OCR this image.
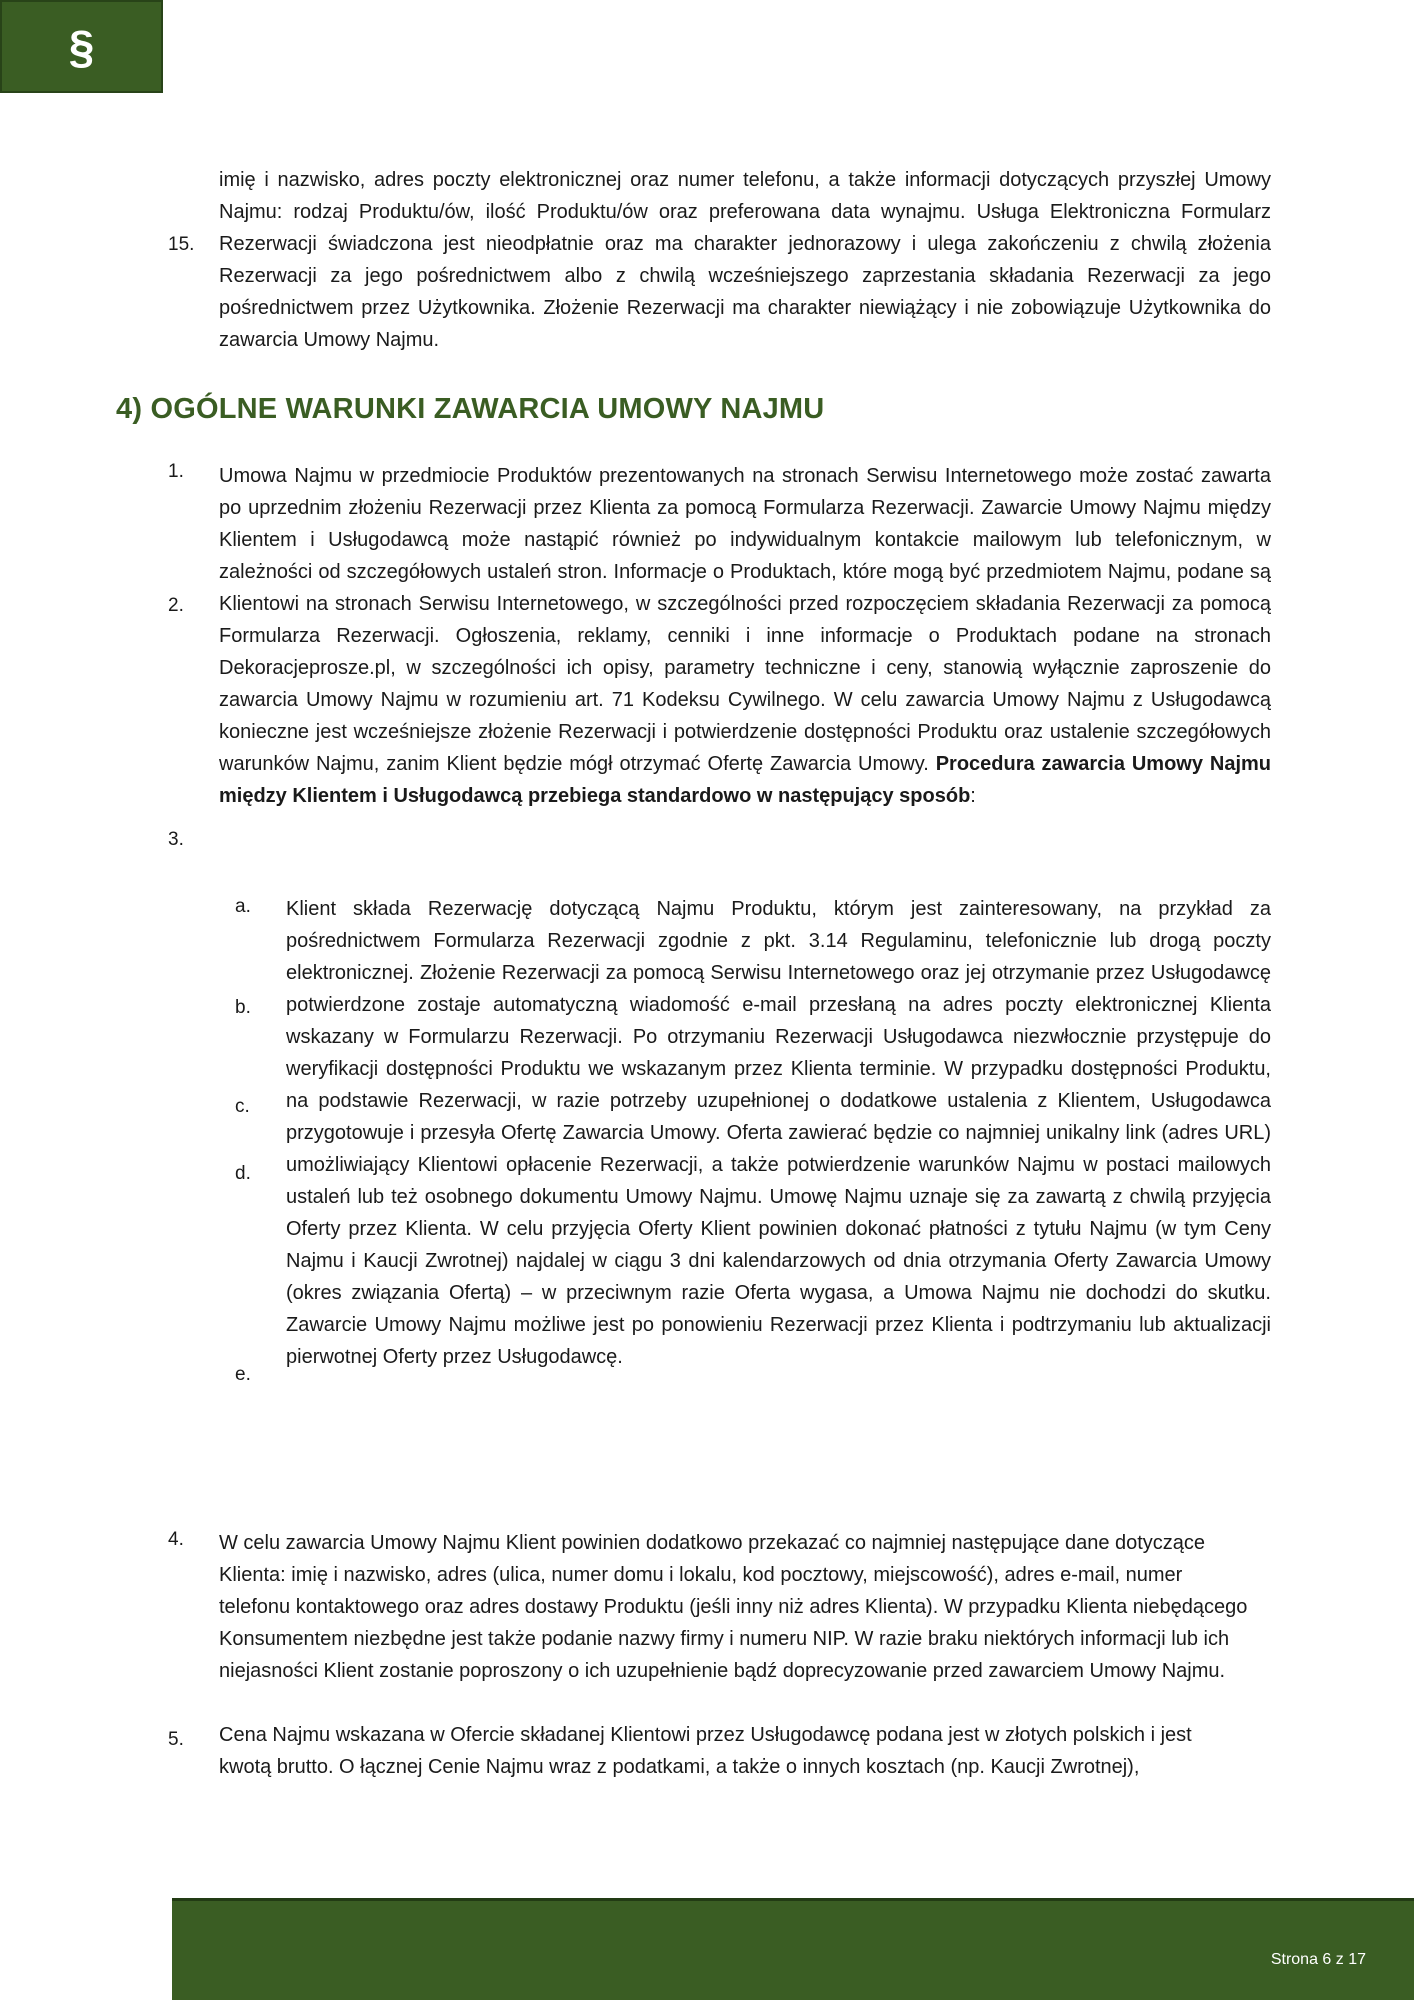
§
15.

imię i nazwisko, adres poczty elektronicznej oraz numer telefonu, a także informacji dotyczących przyszłej Umowy Najmu: rodzaj Produktu/ów, ilość Produktu/ów oraz preferowana data wynajmu. Usługa Elektroniczna Formularz Rezerwacji świadczona jest nieodpłatnie oraz ma charakter jednorazowy i ulega zakończeniu z chwilą złożenia Rezerwacji za jego pośrednictwem albo z chwilą wcześniejszego zaprzestania składania Rezerwacji za jego pośrednictwem przez Użytkownika. Złożenie Rezerwacji ma charakter niewiążący i nie zobowiązuje Użytkownika do zawarcia Umowy Najmu.

4) OGÓLNE WARUNKI ZAWARCIA UMOWY NAJMU
1.
2.
3.

Umowa Najmu w przedmiocie Produktów prezentowanych na stronach Serwisu Internetowego może zostać zawarta po uprzednim złożeniu Rezerwacji przez Klienta za pomocą Formularza Rezerwacji. Zawarcie Umowy Najmu między Klientem i Usługodawcą może nastąpić również po indywidualnym kontakcie mailowym lub telefonicznym, w zależności od szczegółowych ustaleń stron. Informacje o Produktach, które mogą być przedmiotem Najmu, podane są Klientowi na stronach Serwisu Internetowego, w szczególności przed rozpoczęciem składania Rezerwacji za pomocą Formularza Rezerwacji. Ogłoszenia, reklamy, cenniki i inne informacje o Produktach podane na stronach Dekoracjeprosze.pl, w szczególności ich opisy, parametry techniczne i ceny, stanowią wyłącznie zaproszenie do zawarcia Umowy Najmu w rozumieniu art. 71 Kodeksu Cywilnego. W celu zawarcia Umowy Najmu z Usługodawcą konieczne jest wcześniejsze złożenie Rezerwacji i potwierdzenie dostępności Produktu oraz ustalenie szczegółowych warunków Najmu, zanim Klient będzie mógł otrzymać Ofertę Zawarcia Umowy. Procedura zawarcia Umowy Najmu między Klientem i Usługodawcą przebiega standardowo w następujący sposób:

a.
b.
c.
d.
e.

Klient składa Rezerwację dotyczącą Najmu Produktu, którym jest zainteresowany, na przykład za pośrednictwem Formularza Rezerwacji zgodnie z pkt. 3.14 Regulaminu, telefonicznie lub drogą poczty elektronicznej. Złożenie Rezerwacji za pomocą Serwisu Internetowego oraz jej otrzymanie przez Usługodawcę potwierdzone zostaje automatyczną wiadomość e-mail przesłaną na adres poczty elektronicznej Klienta wskazany w Formularzu Rezerwacji. Po otrzymaniu Rezerwacji Usługodawca niezwłocznie przystępuje do weryfikacji dostępności Produktu we wskazanym przez Klienta terminie. W przypadku dostępności Produktu, na podstawie Rezerwacji, w razie potrzeby uzupełnionej o dodatkowe ustalenia z Klientem, Usługodawca przygotowuje i przesyła Ofertę Zawarcia Umowy. Oferta zawierać będzie co najmniej unikalny link (adres URL) umożliwiający Klientowi opłacenie Rezerwacji, a także potwierdzenie warunków Najmu w postaci mailowych ustaleń lub też osobnego dokumentu Umowy Najmu. Umowę Najmu uznaje się za zawartą z chwilą przyjęcia Oferty przez Klienta. W celu przyjęcia Oferty Klient powinien dokonać płatności z tytułu Najmu (w tym Ceny Najmu i Kaucji Zwrotnej) najdalej w ciągu 3 dni kalendarzowych od dnia otrzymania Oferty Zawarcia Umowy (okres związania Ofertą) – w przeciwnym razie Oferta wygasa, a Umowa Najmu nie dochodzi do skutku. Zawarcie Umowy Najmu możliwe jest po ponowieniu Rezerwacji przez Klienta i podtrzymaniu lub aktualizacji pierwotnej Oferty przez Usługodawcę.

4. W celu zawarcia Umowy Najmu Klient powinien dodatkowo przekazać co najmniej następujące dane dotyczące Klienta: imię i nazwisko, adres (ulica, numer domu i lokalu, kod pocztowy, miejscowość), adres e-mail, numer telefonu kontaktowego oraz adres dostawy Produktu (jeśli inny niż adres Klienta). W przypadku Klienta niebędącego Konsumentem niezbędne jest także podanie nazwy firmy i numeru NIP. W razie braku niektórych informacji lub ich niejasności Klient zostanie poproszony o ich uzupełnienie bądź doprecyzowanie przed zawarciem Umowy Najmu.

5. Cena Najmu wskazana w Ofercie składanej Klientowi przez Usługodawcę podana jest w złotych polskich i jest kwotą brutto. O łącznej Cenie Najmu wraz z podatkami, a także o innych kosztach (np. Kaucji Zwrotnej),

Strona 6 z 17
